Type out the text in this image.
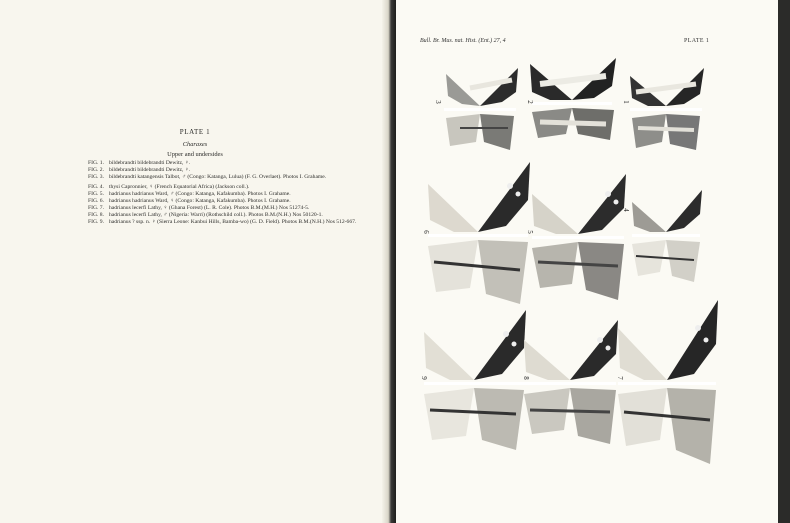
PLATE 1
Charaxes
Upper and undersides
FIG. 1. bildebrandti bildebrandti Dewitz, ♀.
FIG. 2. bildebrandti bildebrandti Dewitz, ♀.
FIG. 3. bildebrandti katangensis Talbot, ♂ (Congo: Katanga, Lulua) (F. G. Overlaet). Photos I. Grahame.
FIG. 4. thysi Capronnier, ♀ (French Equatorial Africa) (Jackson coll.).
FIG. 5. hadrianus hadrianus Ward, ♂ (Congo: Katanga, Kafakumba). Photos I. Grahame.
FIG. 6. hadrianus hadrianus Ward, ♀ (Congo: Katanga, Kafakumba). Photos I. Grahame.
FIG. 7. hadrianus lecerfi Lathy, ♀ (Ghana Forest) (L. R. Cole). Photos B.M.(M.H.) Nos 51274-5.
FIG. 8. hadrianus lecerfi Lathy, ♂ (Nigeria: Warri) (Rothschild coll.). Photos B.M.(N.H.) Nos 50120-1.
FIG. 9. hadrianus ? ssp. n. ♀ (Sierra Leone: Kanbui Hills, Bamba-wo) (G. D. Field). Photos B.M.(N.H.) Nos 512-667.
Bull. Br. Mus. nat. Hist. (Ent.) 27, 4	PLATE 1
3	2	1
6	5
4
9	8	7
